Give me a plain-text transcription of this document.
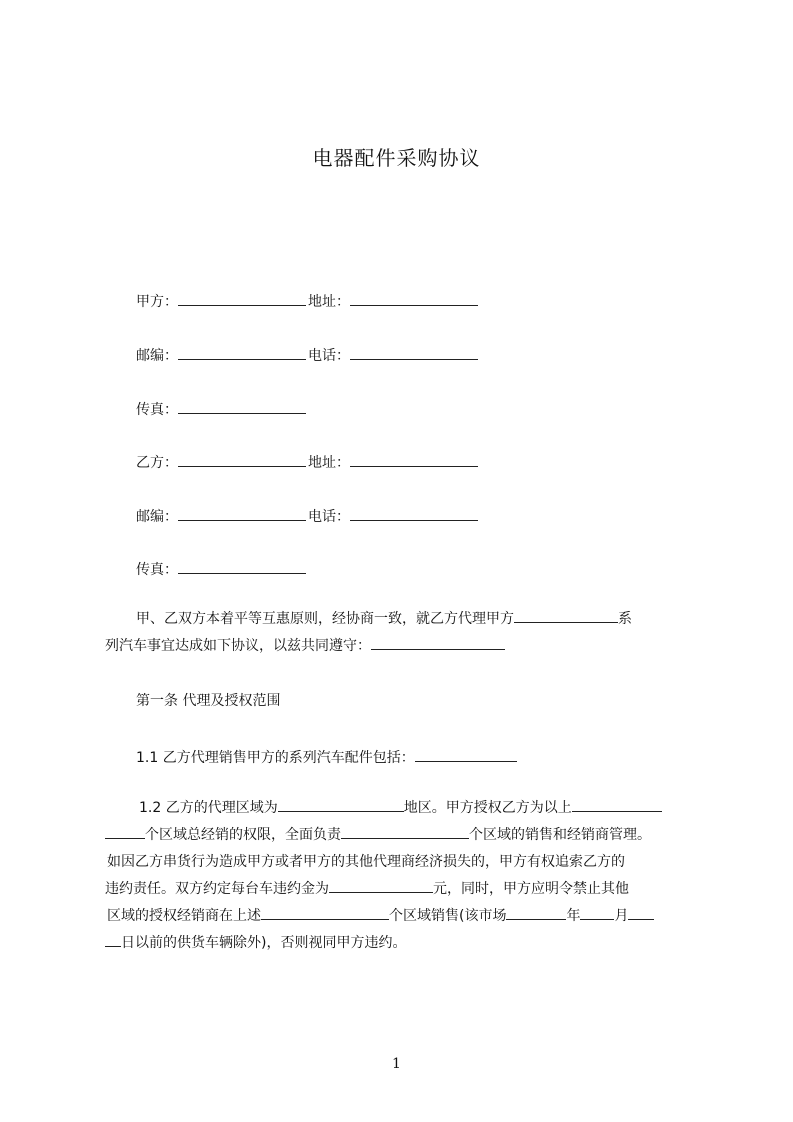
电器配件采购协议
甲方：	地址：
邮编：	电话：
传真：
乙方：	地址：
邮编：	电话：
传真：
甲、乙双方本着平等互惠原则，经协商一致，就乙方代理甲方	系
列汽车事宜达成如下协议，以兹共同遵守：
第一条 代理及授权范围
1.1 乙方代理销售甲方的系列汽车配件包括：
1.2 乙方的代理区域为	地区。甲方授权乙方为以上
个区域总经销的权限，全面负责	个区域的销售和经销商管理。
如因乙方串货行为造成甲方或者甲方的其他代理商经济损失的，甲方有权追索乙方的
违约责任。双方约定每台车违约金为	元，同时，甲方应明令禁止其他
区域的授权经销商在上述	个区域销售(该市场	年 月
日以前的供货车辆除外)，否则视同甲方违约。
1
